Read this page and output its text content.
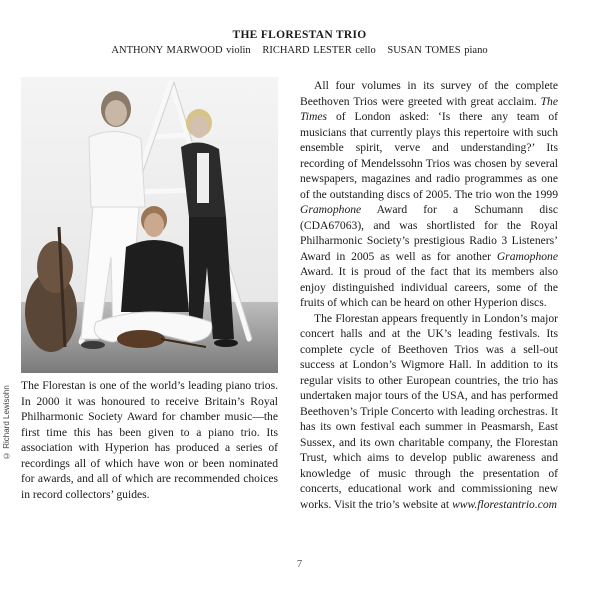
THE FLORESTAN TRIO
ANTHONY MARWOOD violin RICHARD LESTER cello SUSAN TOMES piano
© Richard Lewisohn The Florestan is one of the world’s leading piano trios. In 2000 it was honoured to receive Britain’s Royal Philharmonic Society Award for chamber music—the first time this has been given to a piano trio. Its association with Hyperion has produced a series of recordings all of which have won or been nominated for awards, and all of which are recommended choices in record collectors’ guides.

All four volumes in its survey of the complete Beethoven Trios were greeted with great acclaim. The Times of London asked: ‘Is there any team of musicians that currently plays this repertoire with such ensemble spirit, verve and understanding?’ Its recording of Mendelssohn Trios was chosen by several newspapers, magazines and radio programmes as one of the outstanding discs of 2005. The trio won the 1999 Gramophone Award for a Schumann disc (CDA67063), and was shortlisted for the Royal Philharmonic Society’s prestigious Radio 3 Listeners’ Award in 2005 as well as for another Gramophone Award. It is proud of the fact that its members also enjoy distinguished individual careers, some of the fruits of which can be heard on other Hyperion discs.

The Florestan appears frequently in London’s major concert halls and at the UK’s leading festivals. Its complete cycle of Beethoven Trios was a sell-out success at London’s Wigmore Hall. In addition to its regular visits to other European countries, the trio has undertaken major tours of the USA, and has performed Beethoven’s Triple Concerto with leading orchestras. It has its own festival each summer in Peasmarsh, East Sussex, and its own charitable company, the Florestan Trust, which aims to develop public awareness and knowledge of music through the presentation of concerts, educational work and commissioning new works. Visit the trio’s website at www.florestantrio.com

7
